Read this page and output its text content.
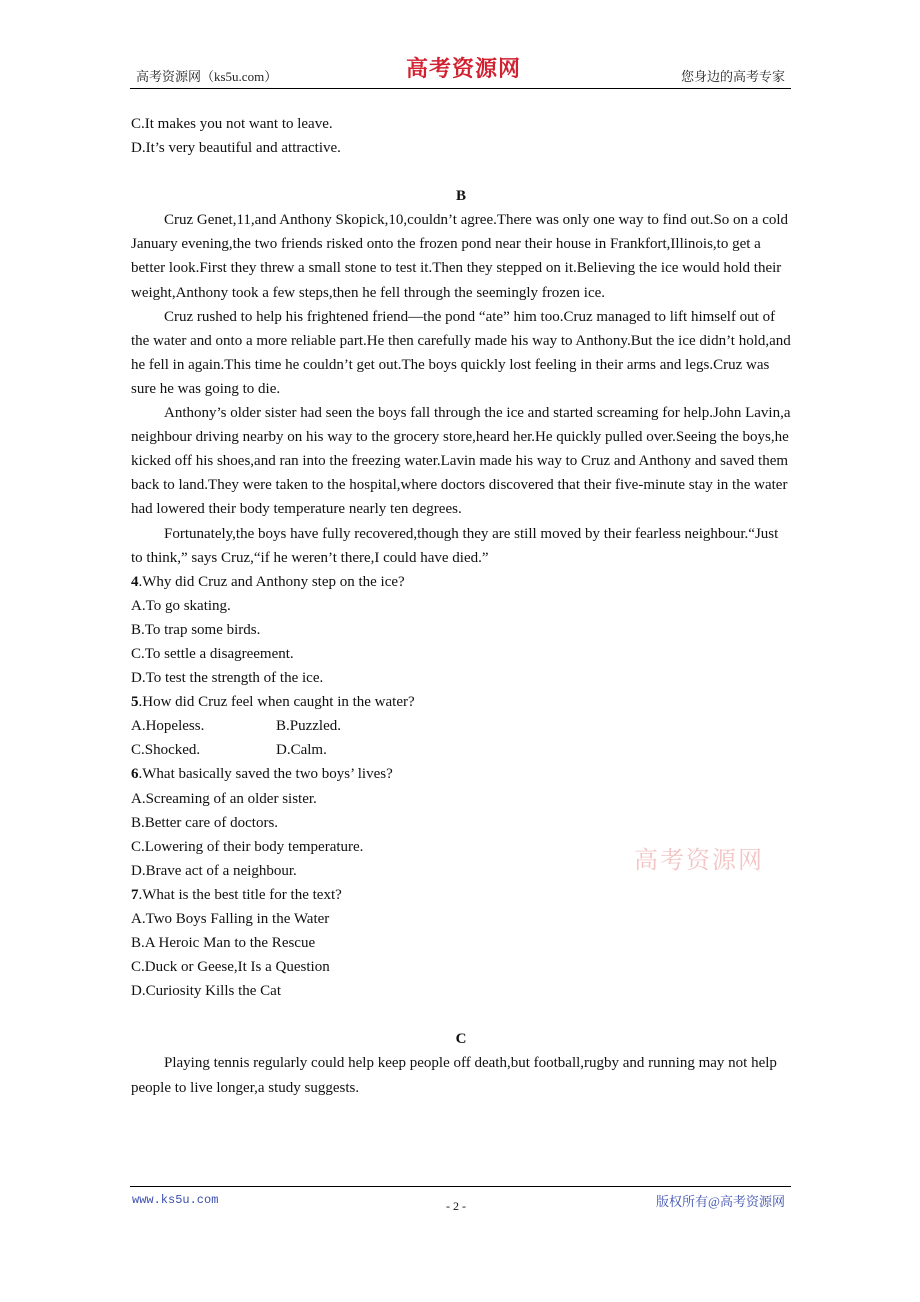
高考资源网（ks5u.com）	高考资源网	您身边的高考专家

C.It makes you not want to leave.

D.It’s very beautiful and attractive.

B

Cruz Genet,11,and Anthony Skopick,10,couldn’t agree.There was only one way to find out.So on a cold January evening,the two friends risked onto the frozen pond near their house in Frankfort,Illinois,to get a better look.First they threw a small stone to test it.Then they stepped on it.Believing the ice would hold their weight,Anthony took a few steps,then he fell through the seemingly frozen ice.

Cruz rushed to help his frightened friend—the pond “ate” him too.Cruz managed to lift himself out of the water and onto a more reliable part.He then carefully made his way to Anthony.But the ice didn’t hold,and he fell in again.This time he couldn’t get out.The boys quickly lost feeling in their arms and legs.Cruz was sure he was going to die.

Anthony’s older sister had seen the boys fall through the ice and started screaming for help.John Lavin,a neighbour driving nearby on his way to the grocery store,heard her.He quickly pulled over.Seeing the boys,he kicked off his shoes,and ran into the freezing water.Lavin made his way to Cruz and Anthony and saved them back to land.They were taken to the hospital,where doctors discovered that their five-minute stay in the water had lowered their body temperature nearly ten degrees.

Fortunately,the boys have fully recovered,though they are still moved by their fearless neighbour.“Just to think,” says Cruz,“if he weren’t there,I could have died.”

4.Why did Cruz and Anthony step on the ice?

A.To go skating.

B.To trap some birds.

C.To settle a disagreement.

D.To test the strength of the ice.

5.How did Cruz feel when caught in the water?

A.Hopeless.	B.Puzzled.
C.Shocked.	D.Calm.

6.What basically saved the two boys’ lives?

A.Screaming of an older sister.

B.Better care of doctors.

C.Lowering of their body temperature.

D.Brave act of a neighbour.

7.What is the best title for the text?

A.Two Boys Falling in the Water

B.A Heroic Man to the Rescue

C.Duck or Geese,It Is a Question

D.Curiosity Kills the Cat

C

Playing tennis regularly could help keep people off death,but football,rugby and running may not help people to live longer,a study suggests.

高考资源网
www.ks5u.com	- 2 -	版权所有@高考资源网
